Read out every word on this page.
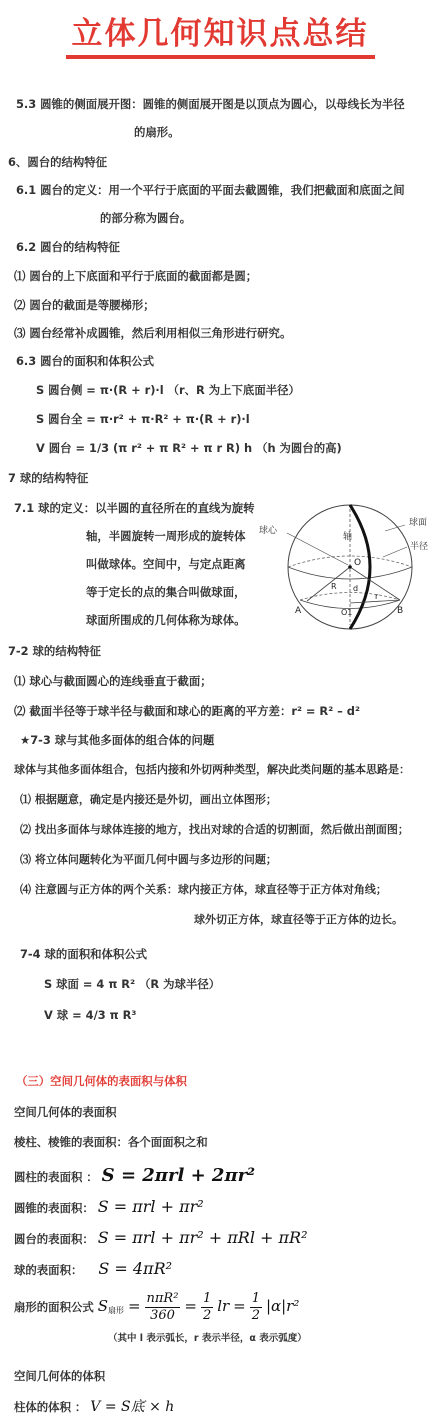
立体几何知识点总结
5.3 圆锥的侧面展开图：圆锥的侧面展开图是以顶点为圆心，以母线长为半径
的扇形。
6、圆台的结构特征
6.1 圆台的定义：用一个平行于底面的平面去截圆锥，我们把截面和底面之间
的部分称为圆台。
6.2 圆台的结构特征
⑴ 圆台的上下底面和平行于底面的截面都是圆；
⑵ 圆台的截面是等腰梯形；
⑶ 圆台经常补成圆锥，然后利用相似三角形进行研究。
6.3 圆台的面积和体积公式
S 圆台侧 = π·(R + r)·l （r、R 为上下底面半径）
S 圆台全 = π·r² + π·R² + π·(R + r)·l
V 圆台 = 1/3 (π r² + π R² + π r R) h （h 为圆台的高)
7 球的结构特征
7.1 球的定义：以半圆的直径所在的直线为旋转
轴，半圆旋转一周形成的旋转体
叫做球体。空间中，与定点距离
等于定长的点的集合叫做球面，
球面所围成的几何体称为球体。
球心
球面
半径
轴
O
O1
A	B
R d
r
7-2 球的结构特征
⑴ 球心与截面圆心的连线垂直于截面；
⑵ 截面半径等于球半径与截面和球心的距离的平方差：r² = R² – d²
★7-3 球与其他多面体的组合体的问题
球体与其他多面体组合，包括内接和外切两种类型，解决此类问题的基本思路是：
⑴ 根据题意，确定是内接还是外切，画出立体图形；
⑵ 找出多面体与球体连接的地方，找出对球的合适的切割面，然后做出剖面图；
⑶ 将立体问题转化为平面几何中圆与多边形的问题；
⑷ 注意圆与正方体的两个关系：球内接正方体，球直径等于正方体对角线；
球外切正方体，球直径等于正方体的边长。
7-4 球的面积和体积公式
S 球面 = 4 π R² （R 为球半径）
V 球 = 4/3 π R³
（三）空间几何体的表面积与体积
空间几何体的表面积
棱柱、棱锥的表面积：各个面面积之和
圆柱的表面积 ： S = 2πrl + 2πr²
圆锥的表面积： S = πrl + πr²
圆台的表面积： S = πrl + πr² + πRl + πR²
球的表面积： S = 4πR²
扇形的面积公式 $S_{扇形} = \frac{\text{nπR²}}{360} = \frac{1}{2}$ lr = $\frac{1}{2} |\alpha|r^2$
（其中 l 表示弧长，r 表示半径，α 表示弧度）
空间几何体的体积
柱体的体积 ： V = S底 × h
